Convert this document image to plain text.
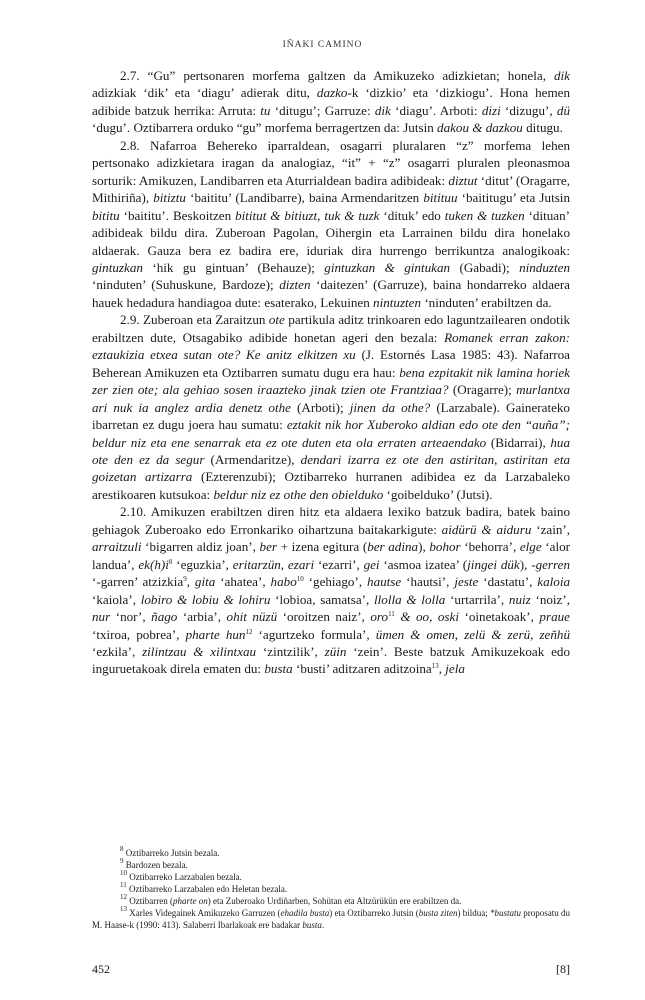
IÑAKI CAMINO

2.7. “Gu” pertsonaren morfema galtzen da Amikuzeko adizkietan; honela, dik adizkiak ‘dik’ eta ‘diagu’ adierak ditu, dazko-k ‘dizkio’ eta ‘dizkiogu’. Hona hemen adibide batzuk herrika: Arruta: tu ‘ditugu’; Garruze: dik ‘diagu’. Arboti: dizi ‘dizugu’, dü ‘dugu’. Oztibarrera orduko “gu” morfema berragertzen da: Jutsin dakou & dazkou ditugu.

2.8. Nafarroa Behereko iparraldean, osagarri pluralaren “z” morfema lehen pertsonako adizkietara iragan da analogiaz, “it” + “z” osagarri pluralen pleonasmoa sorturik: Amikuzen, Landibarren eta Aturrialdean badira adibideak: diztut ‘ditut’ (Oragarre, Mithiriña), bitiztu ‘baititu’ (Landibarre), baina Armendaritzen bitituu ‘baititugu’ eta Jutsin bititu ‘baititu’. Beskoitzen bititut & bitiuzt, tuk & tuzk ‘dituk’ edo tuken & tuzken ‘dituan’ adibideak bildu dira. Zuberoan Pagolan, Oihergin eta Larrainen bildu dira honelako aldaerak. Gauza bera ez badira ere, iduriak dira hurrengo berrikuntza analogikoak: gintuzkan ‘hik gu gintuan’ (Behauze); gintuzkan & gintukan (Gabadi); ninduzten ‘ninduten’ (Suhuskune, Bardoze); dizten ‘daitezen’ (Garruze), baina hondarreko aldaera hauek hedadura handiagoa dute: esaterako, Lekuinen nintuzten ‘ninduten’ erabiltzen da.

2.9. Zuberoan eta Zaraitzun ote partikula aditz trinkoaren edo laguntzailearen ondotik erabiltzen dute, Otsagabiko adibide honetan ageri den bezala: Romanek erran zakon: eztaukizia etxea sutan ote? Ke anitz elkitzen xu (J. Estornés Lasa 1985: 43). Nafarroa Beherean Amikuzen eta Oztibarren sumatu dugu era hau: bena ezpitakit nik lamina horiek zer zien ote; ala gehiao sosen iraazteko jinak tzien ote Frantziaa? (Oragarre); murlantxa ari nuk ia anglez ardia denetz othe (Arboti); jinen da othe? (Larzabale). Gainerateko ibarretan ez dugu joera hau sumatu: eztakit nik hor Xuberoko aldian edo ote den “auña”; beldur niz eta ene senarrak eta ez ote duten eta ola erraten arteaendako (Bidarrai), hua ote den ez da segur (Armendaritze), dendari izarra ez ote den astiritan, astiritan eta goizetan artizarra (Ezterenzubi); Oztibarreko hurranen adibidea ez da Larzabaleko arestikoaren kutsukoa: beldur niz ez othe den obielduko ‘goibelduko’ (Jutsi).

2.10. Amikuzen erabiltzen diren hitz eta aldaera lexiko batzuk badira, batek baino gehiagok Zuberoako edo Erronkariko oihartzuna baitakarkigute: aidürü & aiduru ‘zain’, arraitzuli ‘bigarren aldiz joan’, ber + izena egitura (ber adina), bohor ‘behorra’, elge ‘alor landua’, $ek(h)i^8$ ‘eguzkia’, eritarzün, ezari ‘ezarri’, gei ‘asmoa izatea’ (jingei dük), -gerren ‘-garren’ atzizkia$^9$, gita ‘ahatea’, habo$^{10}$ ‘gehiago’, hautse ‘hautsi’, jeste ‘dastatu’, kaloia ‘kaiola’, lobiro & lobiu & lohiru ‘lobioa, samatsa’, llolla & lolla ‘urtarrila’, nuiz ‘noiz’, nur ‘nor’, ñago ‘arbia’, ohit nüzü ‘oroitzen naiz’, oro$^{11}$ & oo, oski ‘oinetakoak’, praue ‘txiroa, pobrea’, pharte hun$^{12}$ ‘agurtzeko formula’, ümen & omen, zelü & zerü, zeñhü ‘ezkila’, zilintzau & xilintxau ‘zintzilik’, züin ‘zein’. Beste batzuk Amikuzekoak edo inguruetakoak direla ematen du: busta ‘busti’ aditzaren aditzoina$^{13}$, jela

$^8$ Oztibarreko Jutsin bezala.

$^9$ Bardozen bezala.

$^{10}$ Oztibarreko Larzabalen bezala.

$^{11}$ Oztibarreko Larzabalen edo Heletan bezala.

$^{12}$ Oztibarren (pharte on) eta Zuberoako Urdiñarben, Sohütan eta Altzürükün ere erabiltzen da.

$^{13}$ Xarles Videgainek Amikuzeko Garruzen (ehadila busta) eta Oztibarreko Jutsin (busta ziten) bildua; *bustatu proposatu du M. Haase-k (1990: 413). Salaberri Ibarlakoak ere badakar busta.

452	[8]
